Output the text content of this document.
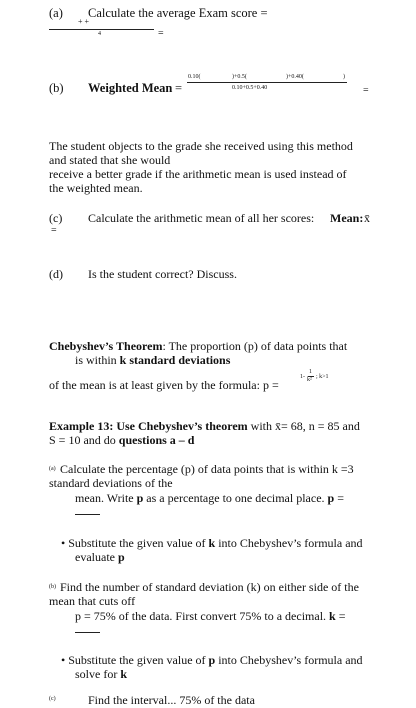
(a) Calculate the average Exam score =
+ +
4	=
(b) Weighted Mean =
0.10(	)+0.5(	)+0.40(	)
0.10+0.5+0.40	=
The student objects to the grade she received using this method
and stated that she would
receive a better grade if the arithmetic mean is used instead of
the weighted mean.
(c) Calculate the arithmetic mean of all her scores: Mean: x̄
=
(d) Is the student correct? Discuss.
Chebyshev’s Theorem: The proportion (p) of data points that
is within k standard deviations
of the mean is at least given by the formula: p =
1-
1
k² ; k>1
Example 13: Use Chebyshev’s theorem with x̄= 68, n = 85 and
S = 10 and do questions a – d
(a) Calculate the percentage (p) of data points that is within k =3
standard deviations of the
mean. Write p as a percentage to one decimal place. p =
• Substitute the given value of k into Chebyshev’s formula and
evaluate p
(b) Find the number of standard deviation (k) on either side of the
mean that cuts off
p = 75% of the data. First convert 75% to a decimal. k =
• Substitute the given value of p into Chebyshev’s formula and
solve for k
(c)	Find the interval... 75% of the data
